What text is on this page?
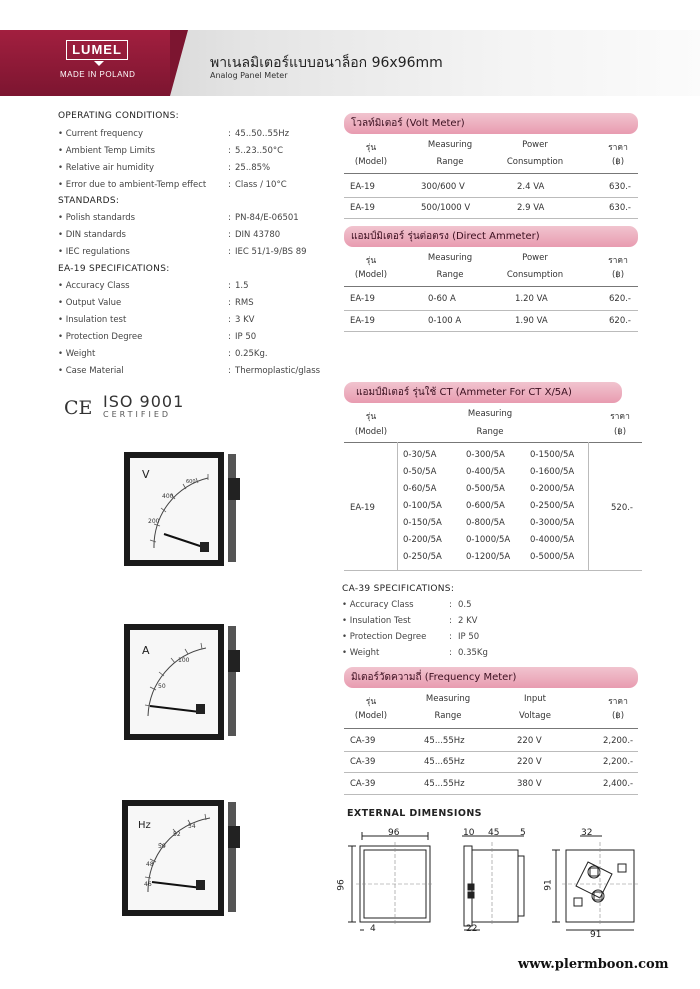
LUMEL
MADE IN POLAND
พาเนลมิเตอร์แบบอนาล็อก 96x96mm
Analog Panel Meter
OPERATING CONDITIONS:
• Current frequency	: 45..50..55Hz
• Ambient Temp Limits	: 5..23..50°C
• Relative air humidity	: 25..85%
• Error due to ambient-Temp effect	: Class / 10°C
STANDARDS:
• Polish standards	: PN-84/E-06501
• DIN standards	: DIN 43780
• IEC regulations	: IEC 51/1-9/BS 89
EA-19 SPECIFICATIONS:
• Accuracy Class	: 1.5
• Output Value	: RMS
• Insulation test	: 3 KV
• Protection Degree	: IP 50
• Weight	: 0.25Kg.
• Case Material	: Thermoplastic/glass
CE ISO 9001
CERTIFIED
V
200
400
600
A
50
100
Hz
46
48
50
52
54
โวลท์มิเตอร์ (Volt Meter)
รุ่น
(Model)
Measuring
Range
Power
Consumption
ราคา
(฿)
EA-19	300/600 V	2.4 VA	630.-
EA-19	500/1000 V	2.9 VA	630.-
แอมป์มิเตอร์ รุ่นต่อตรง (Direct Ammeter)
รุ่น
(Model)
Measuring
Range
Power
Consumption
ราคา
(฿)
EA-19	0-60 A	1.20 VA	620.-
EA-19	0-100 A	1.90 VA	620.-
แอมป์มิเตอร์ รุ่นใช้ CT (Ammeter For CT X/5A)
รุ่น
(Model)
Measuring
Range
ราคา
(฿)
EA-19	520.-
0-30/5A	0-300/5A	0-1500/5A
0-50/5A	0-400/5A	0-1600/5A
0-60/5A	0-500/5A	0-2000/5A
0-100/5A	0-600/5A	0-2500/5A
0-150/5A	0-800/5A	0-3000/5A
0-200/5A	0-1000/5A 0-4000/5A
0-250/5A	0-1200/5A 0-5000/5A
CA-39 SPECIFICATIONS:
• Accuracy Class	: 0.5
• Insulation Test	: 2 KV
• Protection Degree	: IP 50
• Weight	: 0.35Kg
มิเตอร์วัดความถี่ (Frequency Meter)
รุ่น
(Model)
Measuring
Range
Input
Voltage
ราคา
(฿)
CA-39	45...55Hz	220 V	2,200.-
CA-39	45...65Hz	220 V	2,200.-
CA-39	45...55Hz	380 V	2,400.-
EXTERNAL DIMENSIONS
96
96
4
10 45 5
22
32
91
91
www.plermboon.com
